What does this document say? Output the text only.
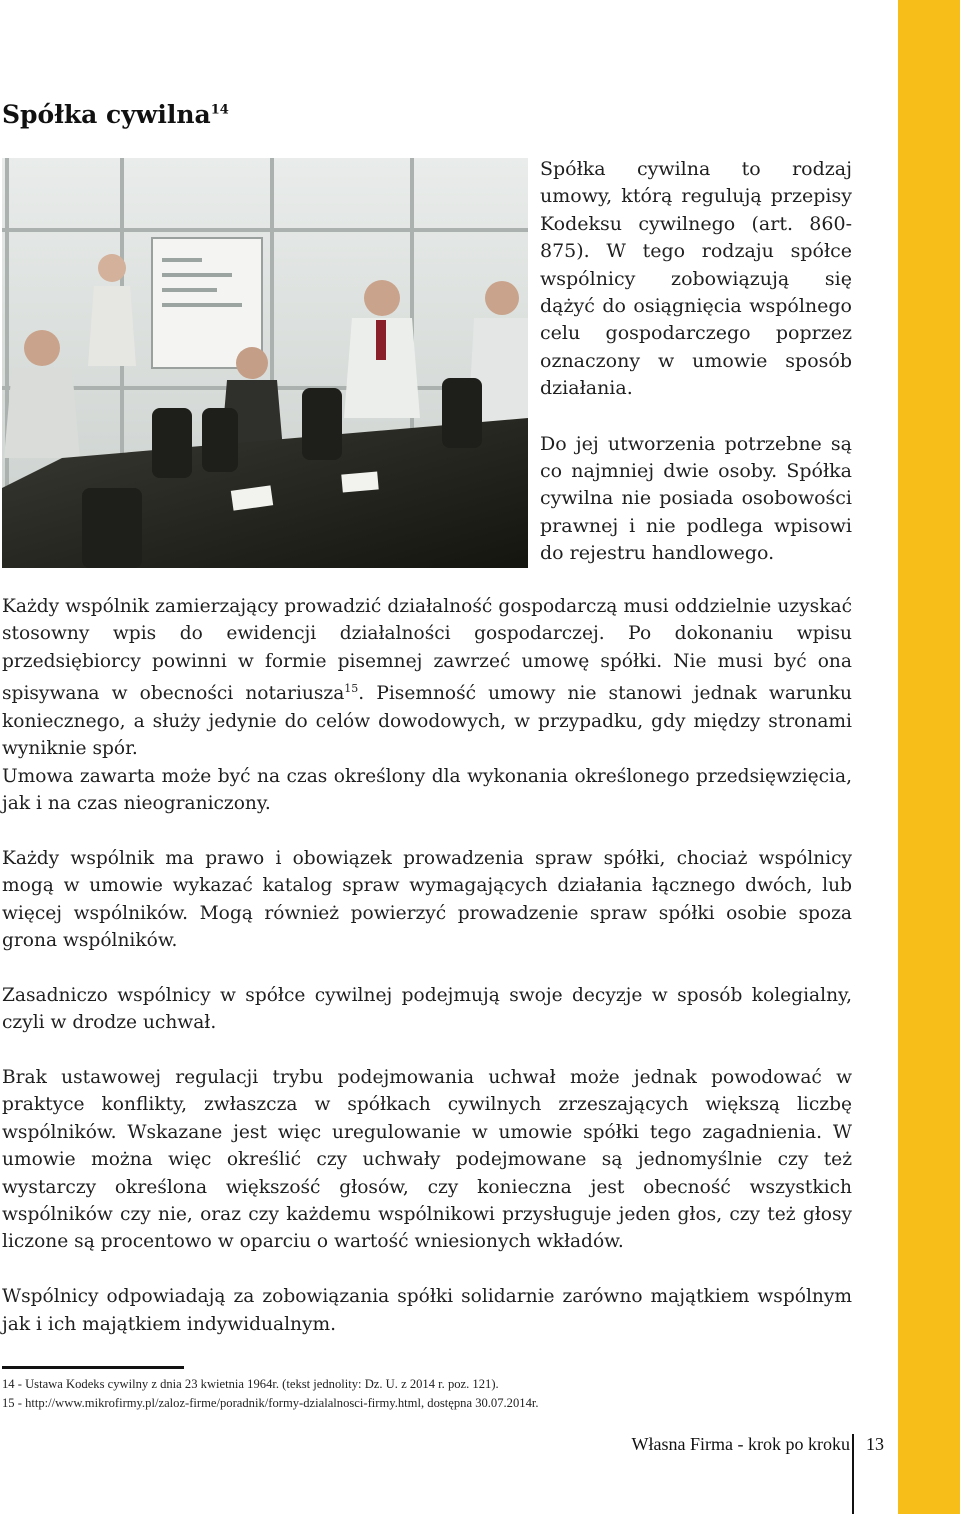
Spółka cywilna$^{14}$

Spółka cywilna to rodzaj umowy, którą regulują przepisy Kodeksu cywilnego (art. 860-875). W tego rodzaju spółce wspólnicy zobowiązują się dążyć do osiągnięcia wspólnego celu gospodarczego poprzez oznaczony w umowie sposób działania.

Do jej utworzenia potrzebne są co najmniej dwie osoby. Spółka cywilna nie posiada osobowości prawnej i nie podlega wpisowi do rejestru handlowego.

Każdy wspólnik zamierzający prowadzić działalność gospodarczą musi oddzielnie uzyskać stosowny wpis do ewidencji działalności gospodarczej. Po dokonaniu wpisu przedsiębiorcy powinni w formie pisemnej zawrzeć umowę spółki. Nie musi być ona spisywana w obecności notariusza$^{15}$. Pisemność umowy nie stanowi jednak warunku koniecznego, a służy jedynie do celów dowodowych, w przypadku, gdy między stronami wyniknie spór.

Umowa zawarta może być na czas określony dla wykonania określonego przedsięwzięcia, jak i na czas nieograniczony.

Każdy wspólnik ma prawo i obowiązek prowadzenia spraw spółki, chociaż wspólnicy mogą w umowie wykazać katalog spraw wymagających działania łącznego dwóch, lub więcej wspólników. Mogą również powierzyć prowadzenie spraw spółki osobie spoza grona wspólników.

Zasadniczo wspólnicy w spółce cywilnej podejmują swoje decyzje w sposób kolegialny, czyli w drodze uchwał.

Brak ustawowej regulacji trybu podejmowania uchwał może jednak powodować w praktyce konflikty, zwłaszcza w spółkach cywilnych zrzeszających większą liczbę wspólników. Wskazane jest więc uregulowanie w umowie spółki tego zagadnienia. W umowie można więc określić czy uchwały podejmowane są jednomyślnie czy też wystarczy określona większość głosów, czy konieczna jest obecność wszystkich wspólników czy nie, oraz czy każdemu wspólnikowi przysługuje jeden głos, czy też głosy liczone są procentowo w oparciu o wartość wniesionych wkładów.

Wspólnicy odpowiadają za zobowiązania spółki solidarnie zarówno majątkiem wspólnym jak i ich majątkiem indywidualnym.

14 - Ustawa Kodeks cywilny z dnia 23 kwietnia 1964r. (tekst jednolity: Dz. U. z 2014 r. poz. 121).

15 - http://www.mikrofirmy.pl/zaloz-firme/poradnik/formy-dzialalnosci-firmy.html, dostępna 30.07.2014r.

Własna Firma - krok po kroku 13
